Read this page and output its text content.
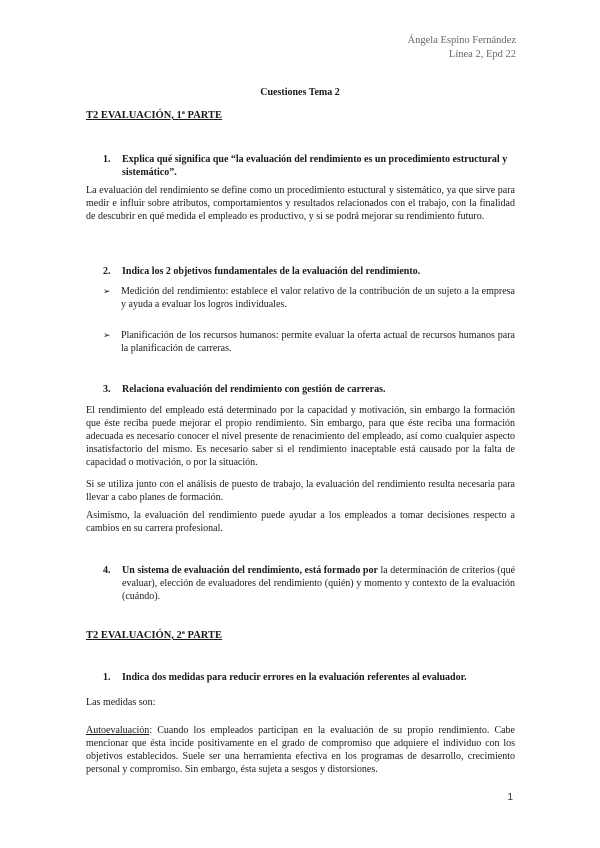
Ángela Espino Fernández
Línea 2, Epd 22
Cuestiones Tema 2
T2 EVALUACIÓN, 1ª PARTE
1.	Explica qué significa que “la evaluación del rendimiento es un procedimiento estructural y sistemático”.
La evaluación del rendimiento se define como un procedimiento estuctural y sistemático, ya que sirve para medir e influir sobre atributos, comportamientos y resultados relacionados con el trabajo, con la finalidad de descubrir en qué medida el empleado es productivo, y si se podrá mejorar su rendimiento futuro.
2.	Indica los 2 objetivos fundamentales de la evaluación del rendimiento.
➢	Medición del rendimiento: establece el valor relativo de la contribución de un sujeto a la empresa y ayuda a evaluar los logros individuales.
➢	Planificación de los recursos humanos: permite evaluar la oferta actual de recursos humanos para la planificación de carreras.
3.	Relaciona evaluación del rendimiento con gestión de carreras.
El rendimiento del empleado está determinado por la capacidad y motivación, sin embargo la formación que éste reciba puede mejorar el propio rendimiento. Sin embargo, para que éste reciba una formación adecuada es necesario conocer el nivel presente de renacimiento del empleado, así como cualquier aspecto insatisfactorio del mismo. Es necesario saber si el rendimiento inaceptable está causado por la falta de capacidad o motivación, o por la situación.
Si se utiliza junto con el análisis de puesto de trabajo, la evaluación del rendimiento resulta necesaria para llevar a cabo planes de formación.
Asimismo, la evaluación del rendimiento puede ayudar a los empleados a tomar decisiones respecto a cambios en su carrera profesional.
4.	Un sistema de evaluación del rendimiento, está formado por la determinación de criterios (qué evaluar), elección de evaluadores del rendimiento (quién) y momento y contexto de la evaluación (cuándo).
T2 EVALUACIÓN, 2ª PARTE
1.	Indica dos medidas para reducir errores en la evaluación referentes al evaluador.
Las medidas son:
Autoevaluación: Cuando los empleados participan en la evaluación de su propio rendimiento. Cabe mencionar que ésta incide positivamente en el grado de compromiso que adquiere el individuo con los objetivos establecidos. Suele ser una herramienta efectiva en los programas de desarrollo, crecimiento personal y compromiso. Sin embargo, ésta sujeta a sesgos y distorsiones.
1
